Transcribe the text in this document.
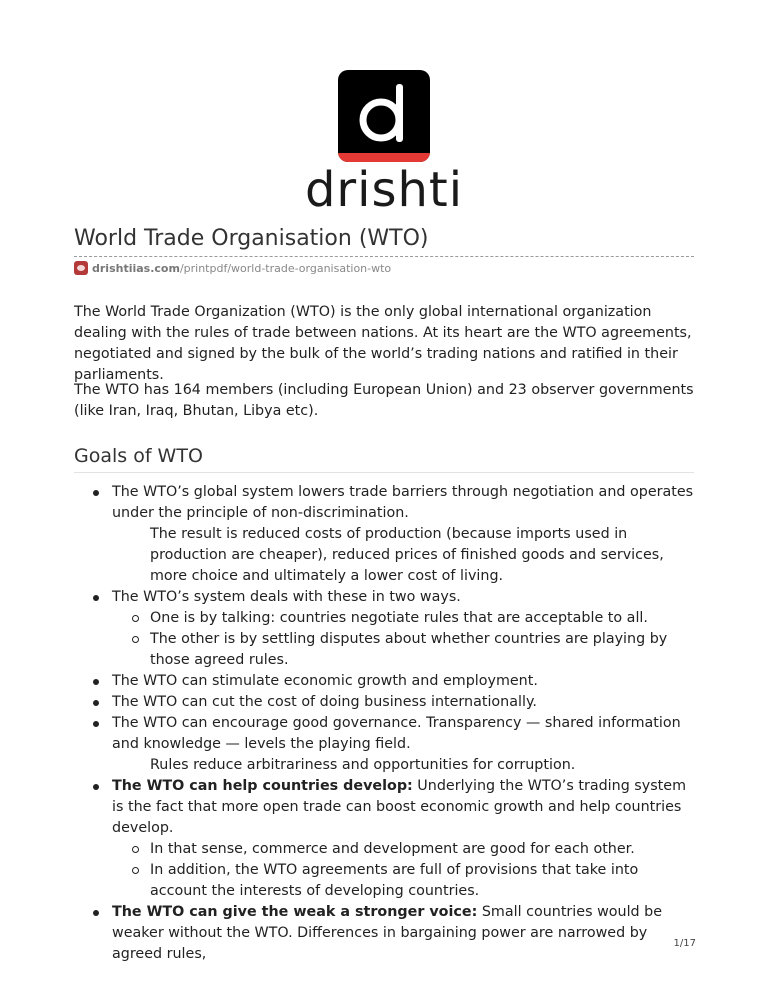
drishti
World Trade Organisation (WTO)
drishtiias.com/printpdf/world-trade-organisation-wto

The World Trade Organization (WTO) is the only global international organization dealing with the rules of trade between nations. At its heart are the WTO agreements, negotiated and signed by the bulk of the world’s trading nations and ratified in their parliaments.

The WTO has 164 members (including European Union) and 23 observer governments (like Iran, Iraq, Bhutan, Libya etc).

Goals of WTO
The WTO’s global system lowers trade barriers through negotiation and operates under the principle of non-discrimination.
The result is reduced costs of production (because imports used in production are cheaper), reduced prices of finished goods and services, more choice and ultimately a lower cost of living.
The WTO’s system deals with these in two ways.
One is by talking: countries negotiate rules that are acceptable to all.
The other is by settling disputes about whether countries are playing by those agreed rules.
The WTO can stimulate economic growth and employment.
The WTO can cut the cost of doing business internationally.
The WTO can encourage good governance. Transparency — shared information and knowledge — levels the playing field.
Rules reduce arbitrariness and opportunities for corruption.
The WTO can help countries develop: Underlying the WTO’s trading system is the fact that more open trade can boost economic growth and help countries develop.
In that sense, commerce and development are good for each other.
In addition, the WTO agreements are full of provisions that take into account the interests of developing countries.
The WTO can give the weak a stronger voice: Small countries would be weaker without the WTO. Differences in bargaining power are narrowed by agreed rules,
1/17
